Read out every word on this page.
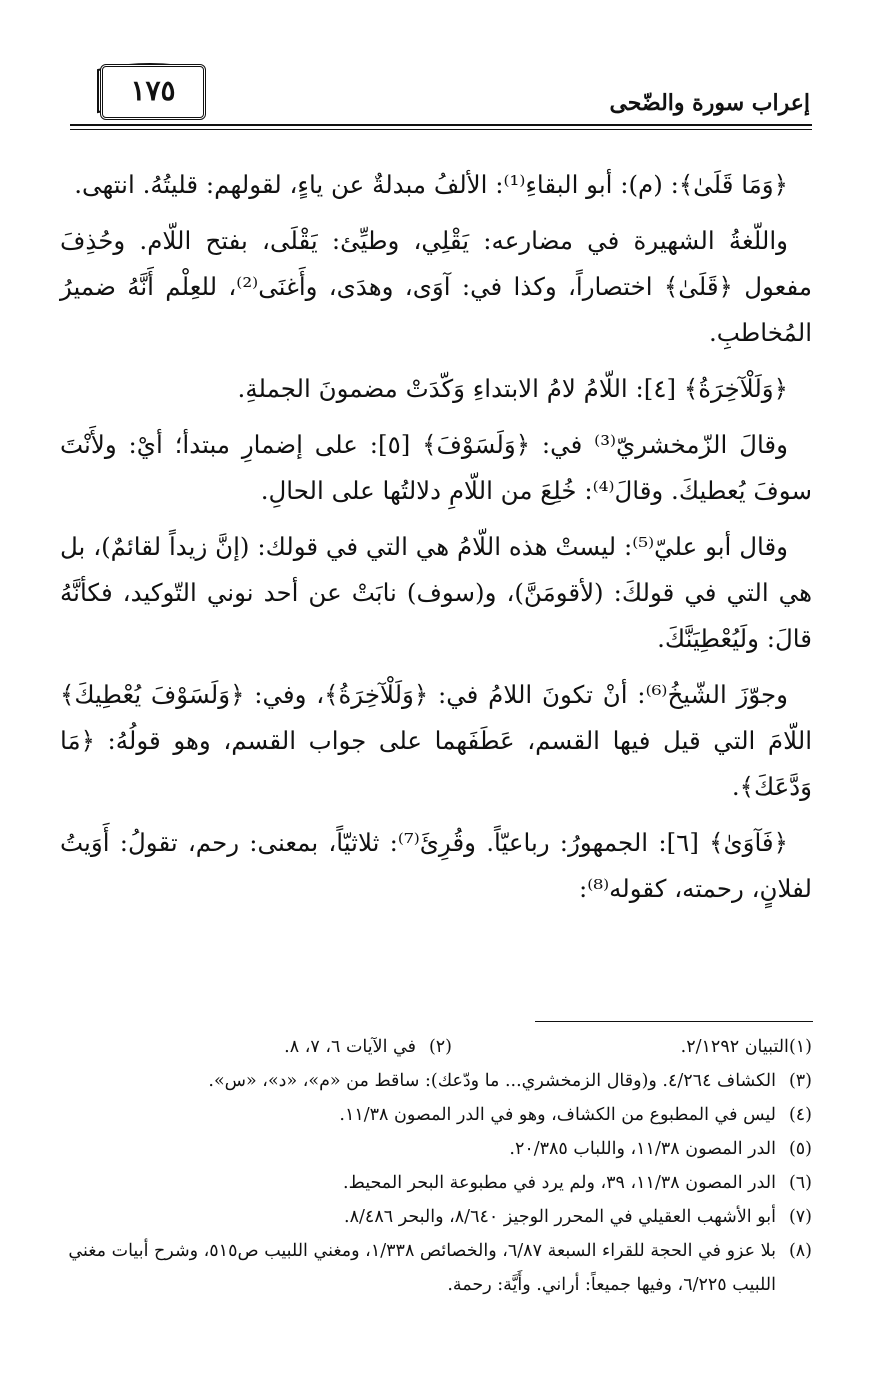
١٧٥	إعراب سورة والضّحى

﴿وَمَا قَلَىٰ﴾: (م): أبو البقاءِ⁽¹⁾: الألفُ مبدلةٌ عن ياءٍ، لقولهم: قليتُهُ. انتهى.

واللّغةُ الشهيرة في مضارعه: يَقْلِي، وطيِّئ: يَقْلَى، بفتح اللّام. وحُذِفَ مفعول ﴿قَلَىٰ﴾ اختصاراً، وكذا في: آوَى، وهدَى، وأَغنَى⁽²⁾، للعِلْم أَنَّهُ ضميرُ المُخاطبِ.

﴿وَلَلْآخِرَةُ﴾ [٤]: اللّامُ لامُ الابتداءِ وَكّدَتْ مضمونَ الجملةِ.

وقالَ الزّمخشريّ⁽³⁾ في: ﴿وَلَسَوْفَ﴾ [٥]: على إضمارِ مبتدأ؛ أيْ: ولأَنْتَ سوفَ يُعطيكَ. وقالَ⁽⁴⁾: خُلِعَ من اللّامِ دلالتُها على الحالِ.

وقال أبو عليّ⁽⁵⁾: ليستْ هذه اللّامُ هي التي في قولك: (إنَّ زيداً لقائمٌ)، بل هي التي في قولكَ: (لأقومَنَّ)، و(سوف) نابَتْ عن أحد نوني التّوكيد، فكأنَّهُ قالَ: ولَيُعْطِيَنَّكَ.

وجوّزَ الشّيخُ⁽⁶⁾: أنْ تكونَ اللامُ في: ﴿وَلَلْآخِرَةُ﴾، وفي: ﴿وَلَسَوْفَ يُعْطِيكَ﴾ اللّامَ التي قيل فيها القسم، عَطَفَهما على جواب القسم، وهو قولُهُ: ﴿مَا وَدَّعَكَ﴾.

﴿فَآوَىٰ﴾ [٦]: الجمهورُ: رباعيّاً. وقُرِئَ⁽⁷⁾: ثلاثيّاً، بمعنى: رحم، تقولُ: أَوَيتُ لفلانٍ، رحمته، كقوله⁽⁸⁾:

(١)
التبيان ٢/١٢٩٢.
(٢)
في الآيات ٦، ٧، ٨.
(٣)
الكشاف ٤/٢٦٤. و(وقال الزمخشري... ما ودّعك): ساقط من «م»، «د»، «س».
(٤)
ليس في المطبوع من الكشاف، وهو في الدر المصون ١١/٣٨.
(٥)
الدر المصون ١١/٣٨، واللباب ٢٠/٣٨٥.
(٦)
الدر المصون ١١/٣٨، ٣٩، ولم يرد في مطبوعة البحر المحيط.
(٧)
أبو الأشهب العقيلي في المحرر الوجيز ٨/٦٤٠، والبحر ٨/٤٨٦.
(٨)
بلا عزو في الحجة للقراء السبعة ٦/٨٧، والخصائص ١/٣٣٨، ومغني اللبيب ص٥١٥، وشرح أبيات مغني اللبيب ٦/٢٢٥، وفيها جميعاً: أراني. وأَيَّة: رحمة.
